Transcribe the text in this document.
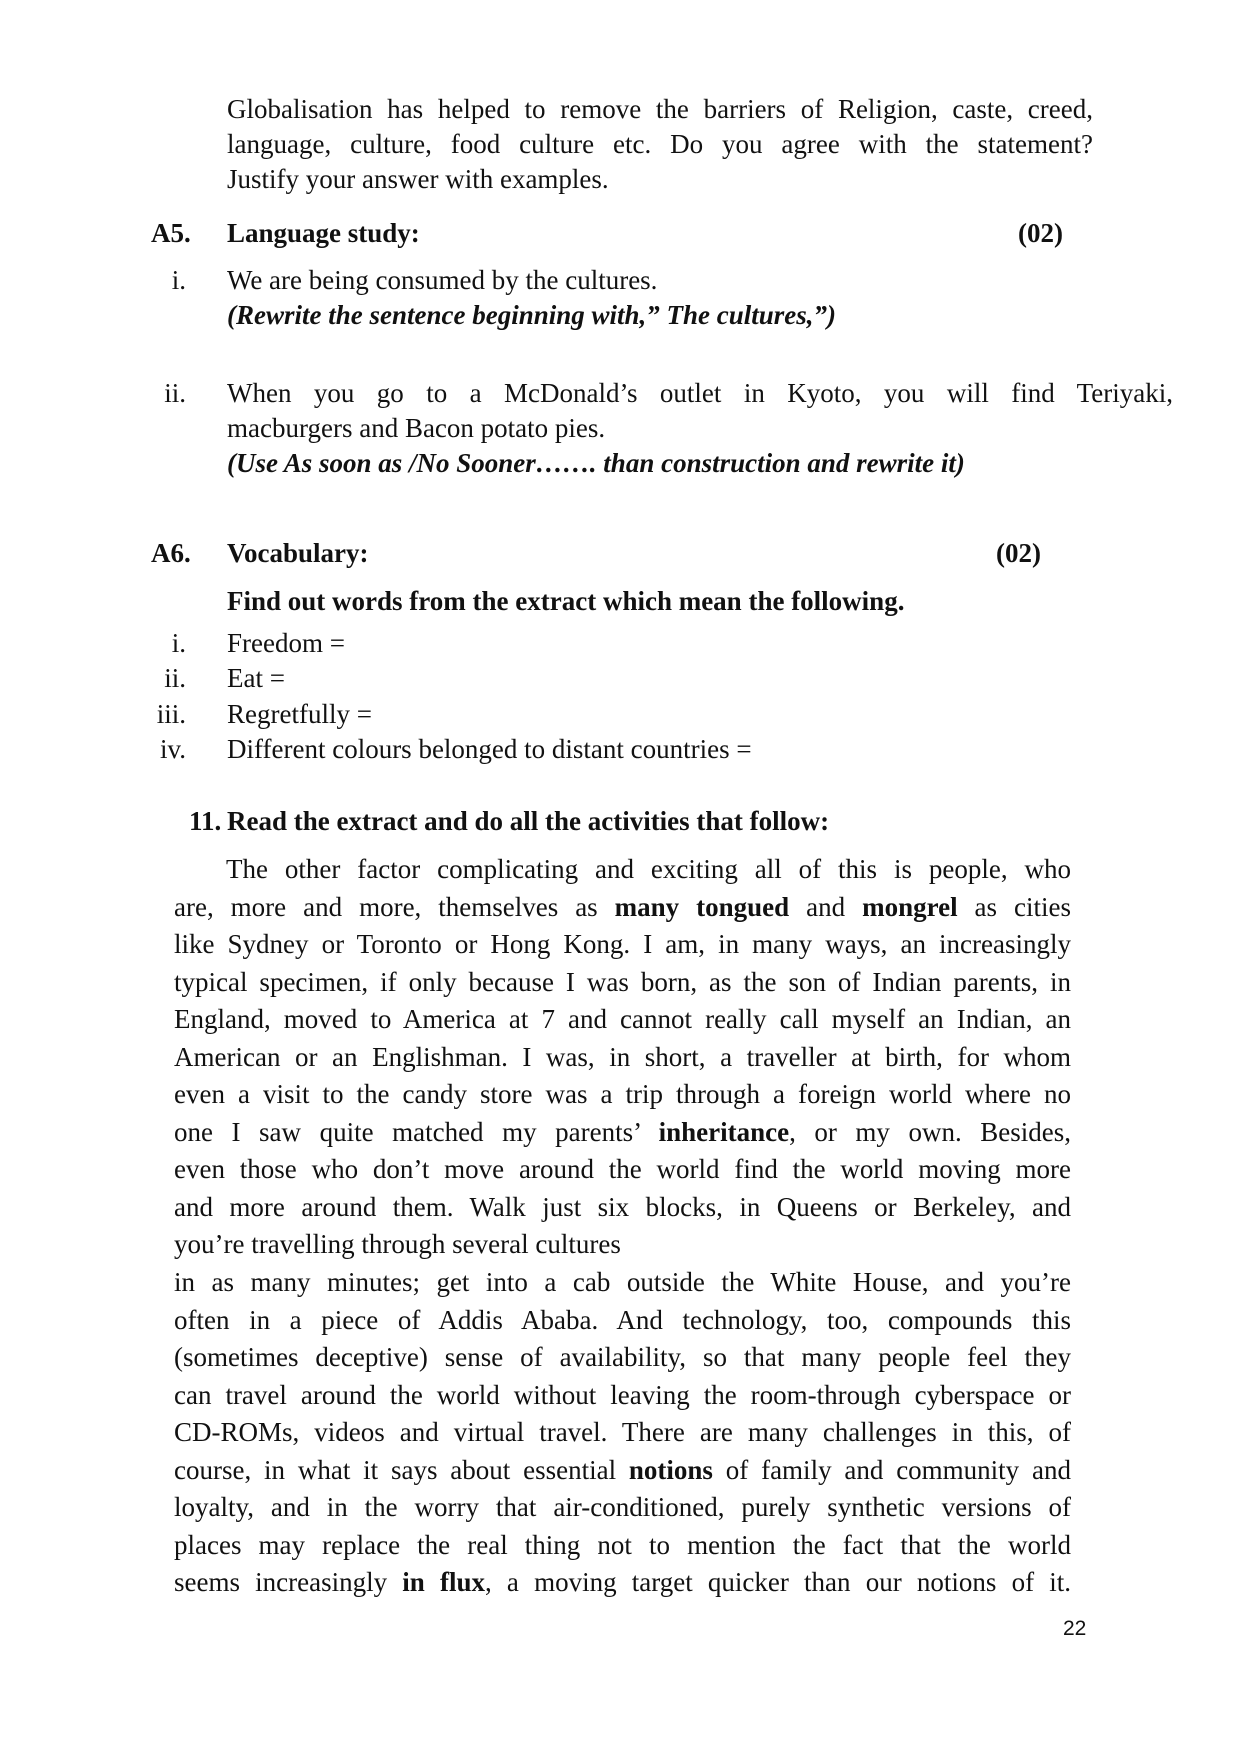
Globalisation has helped to remove the barriers of Religion, caste, creed,
language, culture, food culture etc. Do you agree with the statement?
Justify your answer with examples.
A5. Language study:	(02)
i. We are being consumed by the cultures.
(Rewrite the sentence beginning with,” The cultures,”)
ii. When you go to a McDonald’s outlet in Kyoto, you will find Teriyaki,
macburgers and Bacon potato pies.
(Use As soon as /No Sooner……. than construction and rewrite it)
A6. Vocabulary:	(02)
Find out words from the extract which mean the following.
i. Freedom =
ii. Eat =
iii. Regretfully =
iv. Different colours belonged to distant countries =
11. Read the extract and do all the activities that follow:

The other factor complicating and exciting all of this is people, who

are, more and more, themselves as many tongued and mongrel as cities

like Sydney or Toronto or Hong Kong. I am, in many ways, an increasingly

typical specimen, if only because I was born, as the son of Indian parents, in

England, moved to America at 7 and cannot really call myself an Indian, an

American or an Englishman. I was, in short, a traveller at birth, for whom

even a visit to the candy store was a trip through a foreign world where no

one I saw quite matched my parents’ inheritance, or my own. Besides,

even those who don’t move around the world find the world moving more

and more around them. Walk just six blocks, in Queens or Berkeley, and

you’re travelling through several cultures

in as many minutes; get into a cab outside the White House, and you’re

often in a piece of Addis Ababa. And technology, too, compounds this

(sometimes deceptive) sense of availability, so that many people feel they

can travel around the world without leaving the room-through cyberspace or

CD-ROMs, videos and virtual travel. There are many challenges in this, of

course, in what it says about essential notions of family and community and

loyalty, and in the worry that air-conditioned, purely synthetic versions of

places may replace the real thing not to mention the fact that the world

seems increasingly in flux, a moving target quicker than our notions of it.

22
